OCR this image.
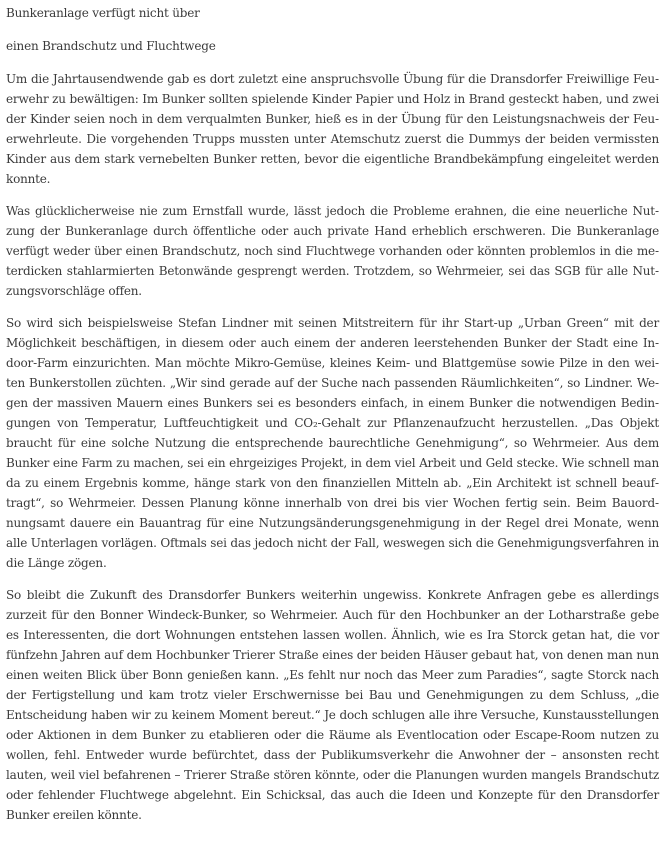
Bunkeranlage verfügt nicht über

einen Brandschutz und Fluchtwege

Um die Jahrtausendwende gab es dort zuletzt eine anspruchsvolle Übung für die Dransdorfer Freiwillige Feuerwehr zu bewältigen: Im Bunker sollten spielende Kinder Papier und Holz in Brand gesteckt haben, und zwei der Kinder seien noch in dem verqualmten Bunker, hieß es in der Übung für den Leistungsnachweis der Feuerwehrleute. Die vorgehenden Trupps mussten unter Atemschutz zuerst die Dummys der beiden vermissten Kinder aus dem stark vernebelten Bunker retten, bevor die eigentliche Brandbekämpfung eingeleitet werden konnte.

Was glücklicherweise nie zum Ernstfall wurde, lässt jedoch die Probleme erahnen, die eine neuerliche Nutzung der Bunkeranlage durch öffentliche oder auch private Hand erheblich erschweren. Die Bunkeranlage verfügt weder über einen Brandschutz, noch sind Fluchtwege vorhanden oder könnten problemlos in die meterdicken stahlarmierten Betonwände gesprengt werden. Trotzdem, so Wehrmeier, sei das SGB für alle Nutzungsvorschläge offen.

So wird sich beispielsweise Stefan Lindner mit seinen Mitstreitern für ihr Start-up „Urban Green“ mit der Möglichkeit beschäftigen, in diesem oder auch einem der anderen leerstehenden Bunker der Stadt eine Indoor-Farm einzurichten. Man möchte Mikro-Gemüse, kleines Keim- und Blattgemüse sowie Pilze in den weiten Bunkerstollen züchten. „Wir sind gerade auf der Suche nach passenden Räumlichkeiten“, so Lindner. Wegen der massiven Mauern eines Bunkers sei es besonders einfach, in einem Bunker die notwendigen Bedingungen von Temperatur, Luftfeuchtigkeit und CO₂-Gehalt zur Pflanzenaufzucht herzustellen. „Das Objekt braucht für eine solche Nutzung die entsprechende baurechtliche Genehmigung“, so Wehrmeier. Aus dem Bunker eine Farm zu machen, sei ein ehrgeiziges Projekt, in dem viel Arbeit und Geld stecke. Wie schnell man da zu einem Ergebnis komme, hänge stark von den finanziellen Mitteln ab. „Ein Architekt ist schnell beauftragt“, so Wehrmeier. Dessen Planung könne innerhalb von drei bis vier Wochen fertig sein. Beim Bauordnungsamt dauere ein Bauantrag für eine Nutzungsänderungsgenehmigung in der Regel drei Monate, wenn alle Unterlagen vorlägen. Oftmals sei das jedoch nicht der Fall, weswegen sich die Genehmigungsverfahren in die Länge zögen.

So bleibt die Zukunft des Dransdorfer Bunkers weiterhin ungewiss. Konkrete Anfragen gebe es allerdings zurzeit für den Bonner Windeck-Bunker, so Wehrmeier. Auch für den Hochbunker an der Lotharstraße gebe es Interessenten, die dort Wohnungen entstehen lassen wollen. Ähnlich, wie es Ira Storck getan hat, die vor fünfzehn Jahren auf dem Hochbunker Trierer Straße eines der beiden Häuser gebaut hat, von denen man nun einen weiten Blick über Bonn genießen kann. „Es fehlt nur noch das Meer zum Paradies“, sagte Storck nach der Fertigstellung und kam trotz vieler Erschwernisse bei Bau und Genehmigungen zu dem Schluss, „die Entscheidung haben wir zu keinem Moment bereut.“ Je doch schlugen alle ihre Versuche, Kunstausstellungen oder Aktionen in dem Bunker zu etablieren oder die Räume als Eventlocation oder Escape-Room nutzen zu wollen, fehl. Entweder wurde befürchtet, dass der Publikumsverkehr die Anwohner der – ansonsten recht lauten, weil viel befahrenen – Trierer Straße stören könnte, oder die Planungen wurden mangels Brandschutz oder fehlender Fluchtwege abgelehnt. Ein Schicksal, das auch die Ideen und Konzepte für den Dransdorfer Bunker ereilen könnte.
